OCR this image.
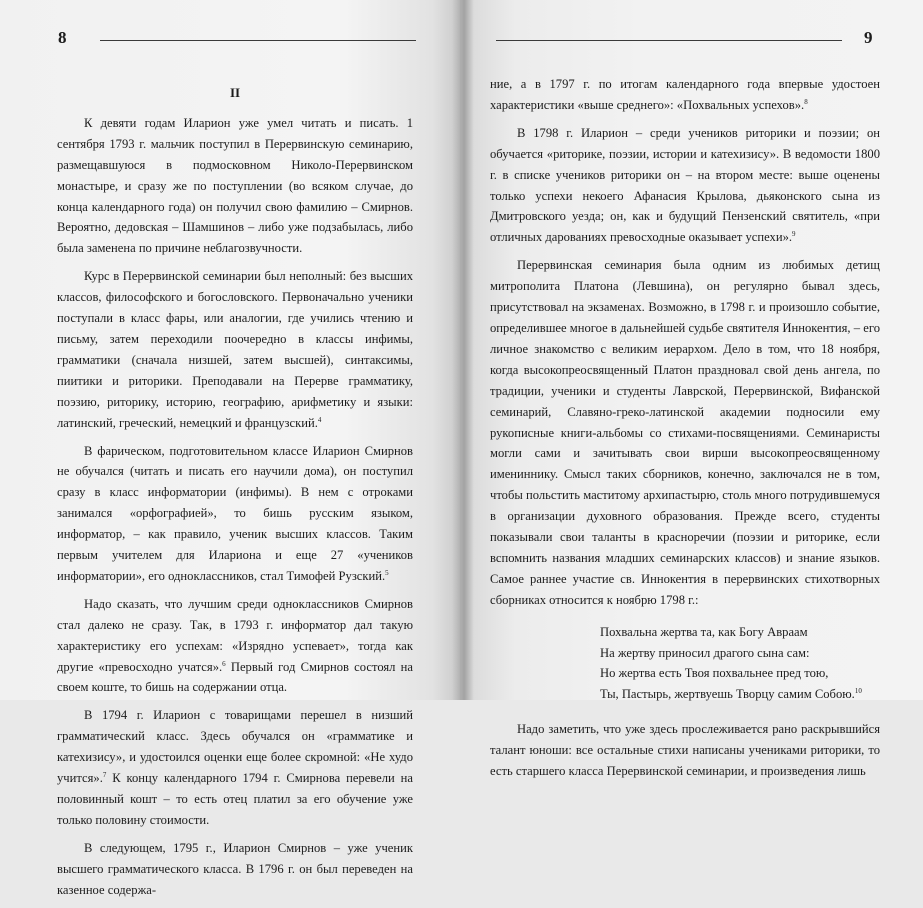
8

II

К девяти годам Иларион уже умел читать и писать. 1 сентября 1793 г. мальчик поступил в Перервинскую семинарию, размещавшуюся в подмосковном Николо-Перервинском монастыре, и сразу же по поступлении (во всяком случае, до конца календарного года) он получил свою фамилию – Смирнов. Вероятно, дедовская – Шамшинов – либо уже подзабылась, либо была заменена по причине неблагозвучности.

Курс в Перервинской семинарии был неполный: без высших классов, философского и богословского. Первоначально ученики поступали в класс фары, или аналогии, где учились чтению и письму, затем переходили поочередно в классы инфимы, грамматики (сначала низшей, затем высшей), синтаксимы, пиитики и риторики. Преподавали на Перерве грамматику, поэзию, риторику, историю, географию, арифметику и языки: латинский, греческий, немецкий и французский.$^4$

В фарическом, подготовительном классе Иларион Смирнов не обучался (читать и писать его научили дома), он поступил сразу в класс информатории (инфимы). В нем с отроками занимался «орфографией», то бишь русским языком, информатор, – как правило, ученик высших классов. Таким первым учителем для Илариона и еще 27 «учеников информатории», его одноклассников, стал Тимофей Рузский.$^5$

Надо сказать, что лучшим среди одноклассников Смирнов стал далеко не сразу. Так, в 1793 г. информатор дал такую характеристику его успехам: «Изрядно успевает», тогда как другие «превосходно учатся».$^6$ Первый год Смирнов состоял на своем коште, то бишь на содержании отца.

В 1794 г. Иларион с товарищами перешел в низший грамматический класс. Здесь обучался он «грамматике и катехизису», и удостоился оценки еще более скромной: «Не худо учится».$^7$ К концу календарного 1794 г. Смирнова перевели на половинный кошт – то есть отец платил за его обучение уже только половину стоимости.

В следующем, 1795 г., Иларион Смирнов – уже ученик высшего грамматического класса. В 1796 г. он был переведен на казенное содержа-

9

ние, а в 1797 г. по итогам календарного года впервые удостоен характеристики «выше среднего»: «Похвальных успехов».$^8$

В 1798 г. Иларион – среди учеников риторики и поэзии; он обучается «риторике, поэзии, истории и катехизису». В ведомости 1800 г. в списке учеников риторики он – на втором месте: выше оценены только успехи некоего Афанасия Крылова, дьяконского сына из Дмитровского уезда; он, как и будущий Пензенский святитель, «при отличных дарованиях превосходные оказывает успехи».$^9$

Перервинская семинария была одним из любимых детищ митрополита Платона (Левшина), он регулярно бывал здесь, присутствовал на экзаменах. Возможно, в 1798 г. и произошло событие, определившее многое в дальнейшей судьбе святителя Иннокентия, – его личное знакомство с великим иерархом. Дело в том, что 18 ноября, когда высокопреосвященный Платон праздновал свой день ангела, по традиции, ученики и студенты Лаврской, Перервинской, Вифанской семинарий, Славяно-греко-латинской академии подносили ему рукописные книги-альбомы со стихами-посвящениями. Семинаристы могли сами и зачитывать свои вирши высокопреосвященному имениннику. Смысл таких сборников, конечно, заключался не в том, чтобы польстить маститому архипастырю, столь много потрудившемуся в организации духовного образования. Прежде всего, студенты показывали свои таланты в красноречии (поэзии и риторике, если вспомнить названия младших семинарских классов) и знание языков. Самое раннее участие св. Иннокентия в перервинских стихотворных сборниках относится к ноябрю 1798 г.:

Похвальна жертва та, как Богу Авраам
На жертву приносил драгого сына сам:
Но жертва есть Твоя похвальнее пред тою,
Ты, Пастырь, жертвуешь Творцу самим Собою.$^{10}$

Надо заметить, что уже здесь прослеживается рано раскрывшийся талант юноши: все остальные стихи написаны учениками риторики, то есть старшего класса Перервинской семинарии, и произведения лишь
